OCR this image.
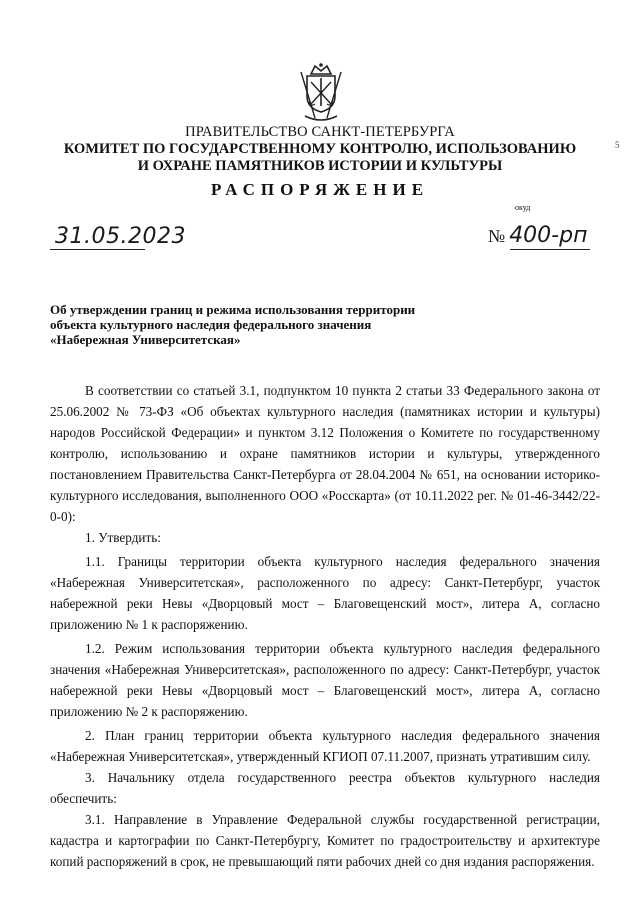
ПРАВИТЕЛЬСТВО САНКТ-ПЕТЕРБУРГА
КОМИТЕТ ПО ГОСУДАРСТВЕННОМУ КОНТРОЛЮ, ИСПОЛЬЗОВАНИЮ
И ОХРАНЕ ПАМЯТНИКОВ ИСТОРИИ И КУЛЬТУРЫ
РАСПОРЯЖЕНИЕ
окуд
5
31.05.2023	№ 400-рп
Об утверждении границ и режима использования территории
объекта культурного наследия федерального значения
«Набережная Университетская»

В соответствии со статьей 3.1, подпунктом 10 пункта 2 статьи 33 Федерального закона от 25.06.2002 № 73-ФЗ «Об объектах культурного наследия (памятниках истории и культуры) народов Российской Федерации» и пунктом 3.12 Положения о Комитете по государственному контролю, использованию и охране памятников истории и культуры, утвержденного постановлением Правительства Санкт-Петербурга от 28.04.2004 № 651, на основании историко-культурного исследования, выполненного ООО «Росскарта» (от 10.11.2022 рег. № 01-46-3442/22-0-0):

1. Утвердить:

1.1. Границы территории объекта культурного наследия федерального значения «Набережная Университетская», расположенного по адресу: Санкт-Петербург, участок набережной реки Невы «Дворцовый мост – Благовещенский мост», литера А, согласно приложению № 1 к распоряжению.

1.2. Режим использования территории объекта культурного наследия федерального значения «Набережная Университетская», расположенного по адресу: Санкт-Петербург, участок набережной реки Невы «Дворцовый мост – Благовещенский мост», литера А, согласно приложению № 2 к распоряжению.

2. План границ территории объекта культурного наследия федерального значения «Набережная Университетская», утвержденный КГИОП 07.11.2007, признать утратившим силу.

3. Начальнику отдела государственного реестра объектов культурного наследия обеспечить:

3.1. Направление в Управление Федеральной службы государственной регистрации, кадастра и картографии по Санкт-Петербургу, Комитет по градостроительству и архитектуре копий распоряжений в срок, не превышающий пяти рабочих дней со дня издания распоряжения.
